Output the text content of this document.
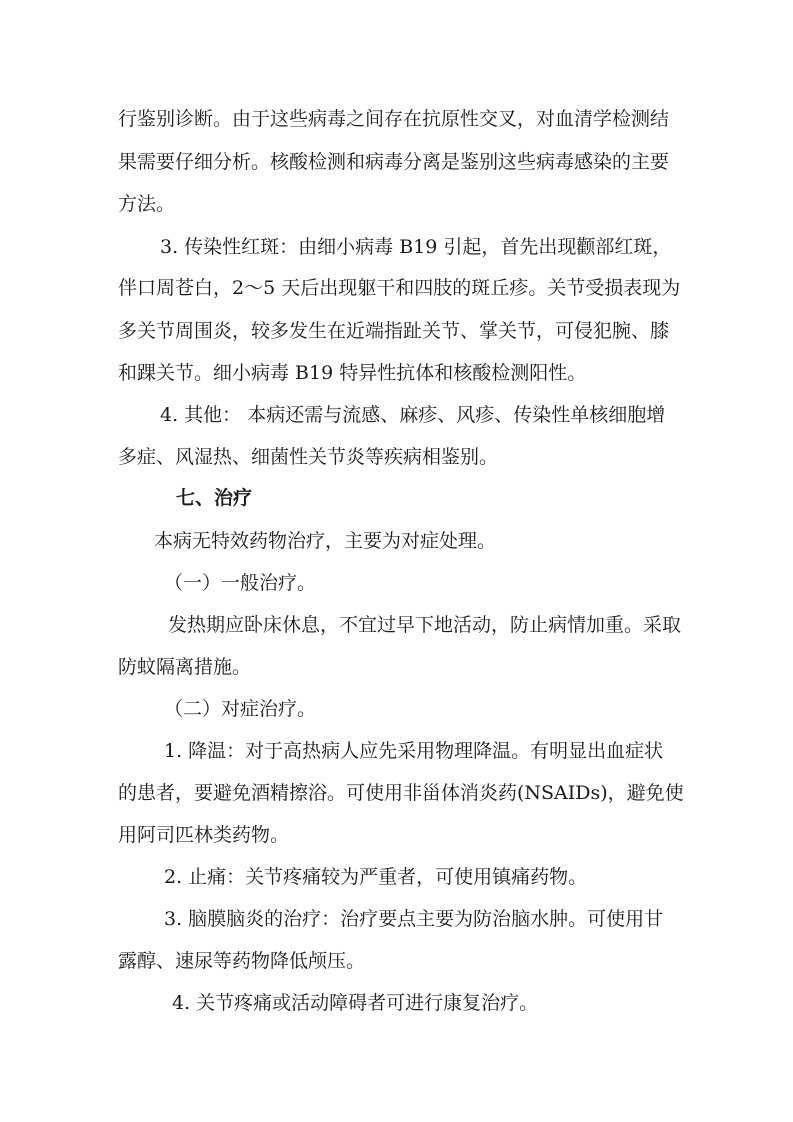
行鉴别诊断。由于这些病毒之间存在抗原性交叉，对血清学检测结

果需要仔细分析。核酸检测和病毒分离是鉴别这些病毒感染的主要

方法。

3. 传染性红斑：由细小病毒 B19 引起，首先出现颧部红斑，

伴口周苍白，2～5 天后出现躯干和四肢的斑丘疹。关节受损表现为

多关节周围炎，较多发生在近端指趾关节、掌关节，可侵犯腕、膝

和踝关节。细小病毒 B19 特异性抗体和核酸检测阳性。

4. 其他： 本病还需与流感、麻疹、风疹、传染性单核细胞增

多症、风湿热、细菌性关节炎等疾病相鉴别。

七、治疗

本病无特效药物治疗，主要为对症处理。

（一）一般治疗。

发热期应卧床休息，不宜过早下地活动，防止病情加重。采取

防蚊隔离措施。

（二）对症治疗。

1. 降温：对于高热病人应先采用物理降温。有明显出血症状

的患者，要避免酒精擦浴。可使用非甾体消炎药(NSAIDs)，避免使

用阿司匹林类药物。

2. 止痛：关节疼痛较为严重者，可使用镇痛药物。

3. 脑膜脑炎的治疗：治疗要点主要为防治脑水肿。可使用甘

露醇、速尿等药物降低颅压。

4. 关节疼痛或活动障碍者可进行康复治疗。
